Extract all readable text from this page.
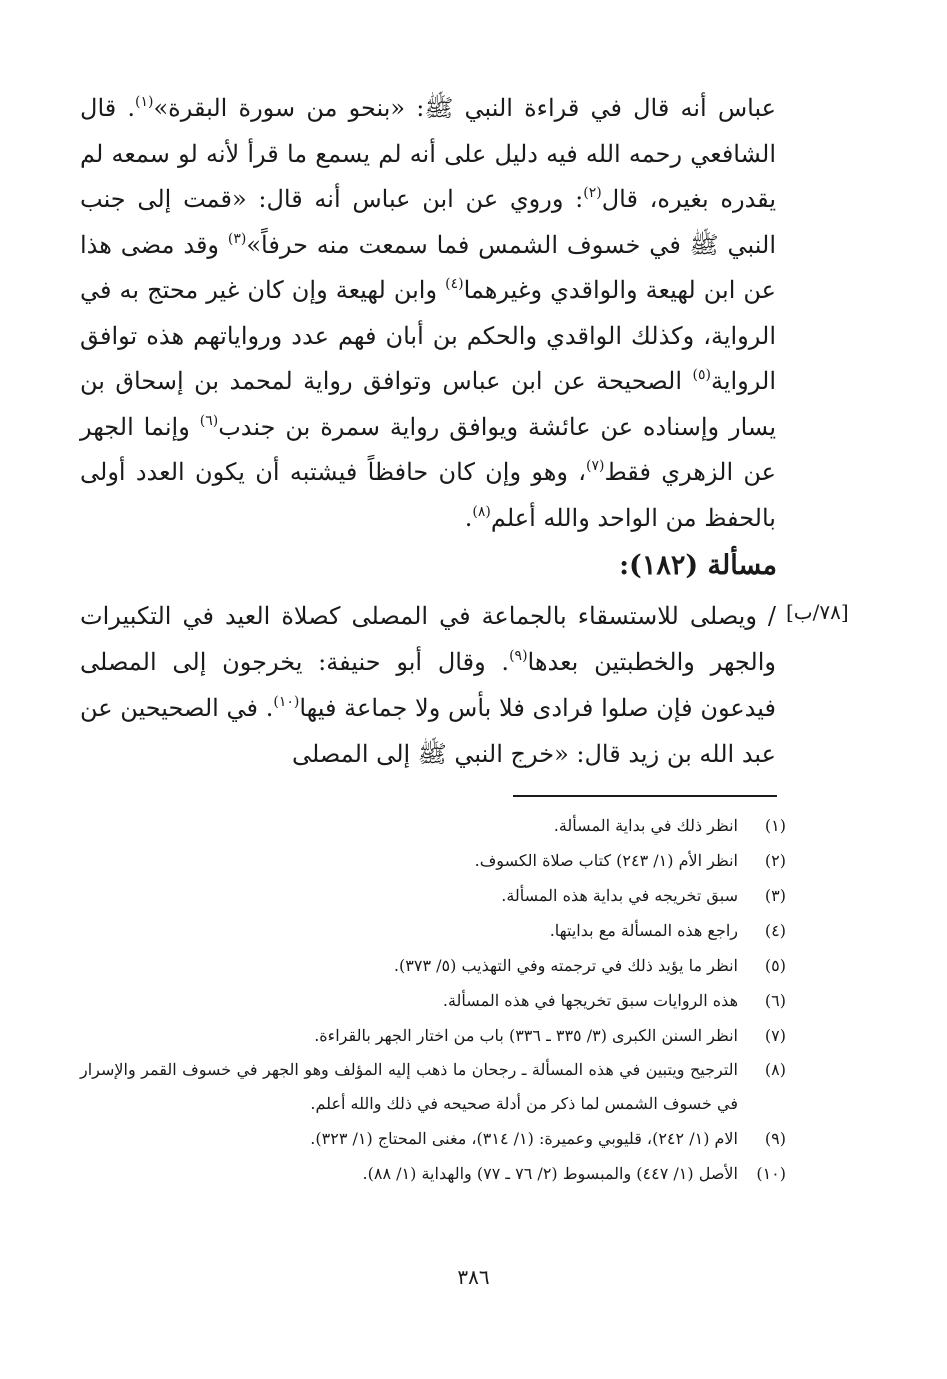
عباس أنه قال في قراءة النبي ﷺ: «بنحو من سورة البقرة»$^{(١)}$. قال الشافعي رحمه الله فيه دليل على أنه لم يسمع ما قرأ لأنه لو سمعه لم يقدره بغيره، قال$^{(٢)}$: وروي عن ابن عباس أنه قال: «قمت إلى جنب النبي ﷺ في خسوف الشمس فما سمعت منه حرفاً»$^{(٣)}$ وقد مضى هذا عن ابن لهيعة والواقدي وغيرهما$^{(٤)}$ وابن لهيعة وإن كان غير محتج به في الرواية، وكذلك الواقدي والحكم بن أبان فهم عدد ورواياتهم هذه توافق الرواية$^{(٥)}$ الصحيحة عن ابن عباس وتوافق رواية لمحمد بن إسحاق بن يسار وإسناده عن عائشة ويوافق رواية سمرة بن جندب$^{(٦)}$ وإنما الجهر عن الزهري فقط$^{(٧)}$، وهو وإن كان حافظاً فيشتبه أن يكون العدد أولى بالحفظ من الواحد والله أعلم$^{(٨)}$.

مسألة (١٨٢):
[٧٨/ب]

/ ويصلى للاستسقاء بالجماعة في المصلى كصلاة العيد في التكبيرات والجهر والخطبتين بعدها$^{(٩)}$. وقال أبو حنيفة: يخرجون إلى المصلى فيدعون فإن صلوا فرادى فلا بأس ولا جماعة فيها$^{(١٠)}$. في الصحيحين عن عبد الله بن زيد قال: «خرج النبي ﷺ إلى المصلى

(١)
انظر ذلك في بداية المسألة.
(٢)
انظر الأم (١/ ٢٤٣) كتاب صلاة الكسوف.
(٣)
سبق تخريجه في بداية هذه المسألة.
(٤)
راجع هذه المسألة مع بدايتها.
(٥)
انظر ما يؤيد ذلك في ترجمته وفي التهذيب (٥/ ٣٧٣).
(٦)
هذه الروايات سبق تخريجها في هذه المسألة.
(٧)
انظر السنن الكبرى (٣/ ٣٣٥ ـ ٣٣٦) باب من اختار الجهر بالقراءة.
(٨)
الترجيح ويتبين في هذه المسألة ـ رجحان ما ذهب إليه المؤلف وهو الجهر في خسوف القمر والإسرار في خسوف الشمس لما ذكر من أدلة صحيحه في ذلك والله أعلم.
(٩)
الام (١/ ٢٤٢)، قليوبي وعميرة: (١/ ٣١٤)، مغنى المحتاج (١/ ٣٢٣).
(١٠)
الأصل (١/ ٤٤٧) والمبسوط (٢/ ٧٦ ـ ٧٧) والهداية (١/ ٨٨).
٣٨٦
